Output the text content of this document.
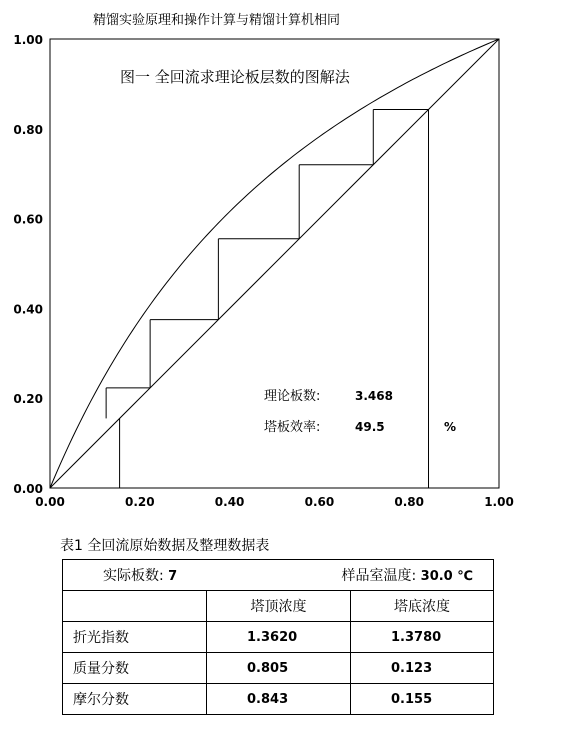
精馏实验原理和操作计算与精馏计算机相同
图一 全回流求理论板层数的图解法
0.00	0.20	0.40	0.60	0.80	1.00
0.00
0.20
0.40
0.60
0.80
1.00
理论板数:	3.468
塔板效率:	49.5	%
表1 全回流原始数据及整理数据表
实际板数: 7 样品室温度: 30.0 ℃		

	塔顶浓度	塔底浓度
折光指数	1.3620	1.3780
质量分数	0.805	0.123
摩尔分数	0.843	0.155
